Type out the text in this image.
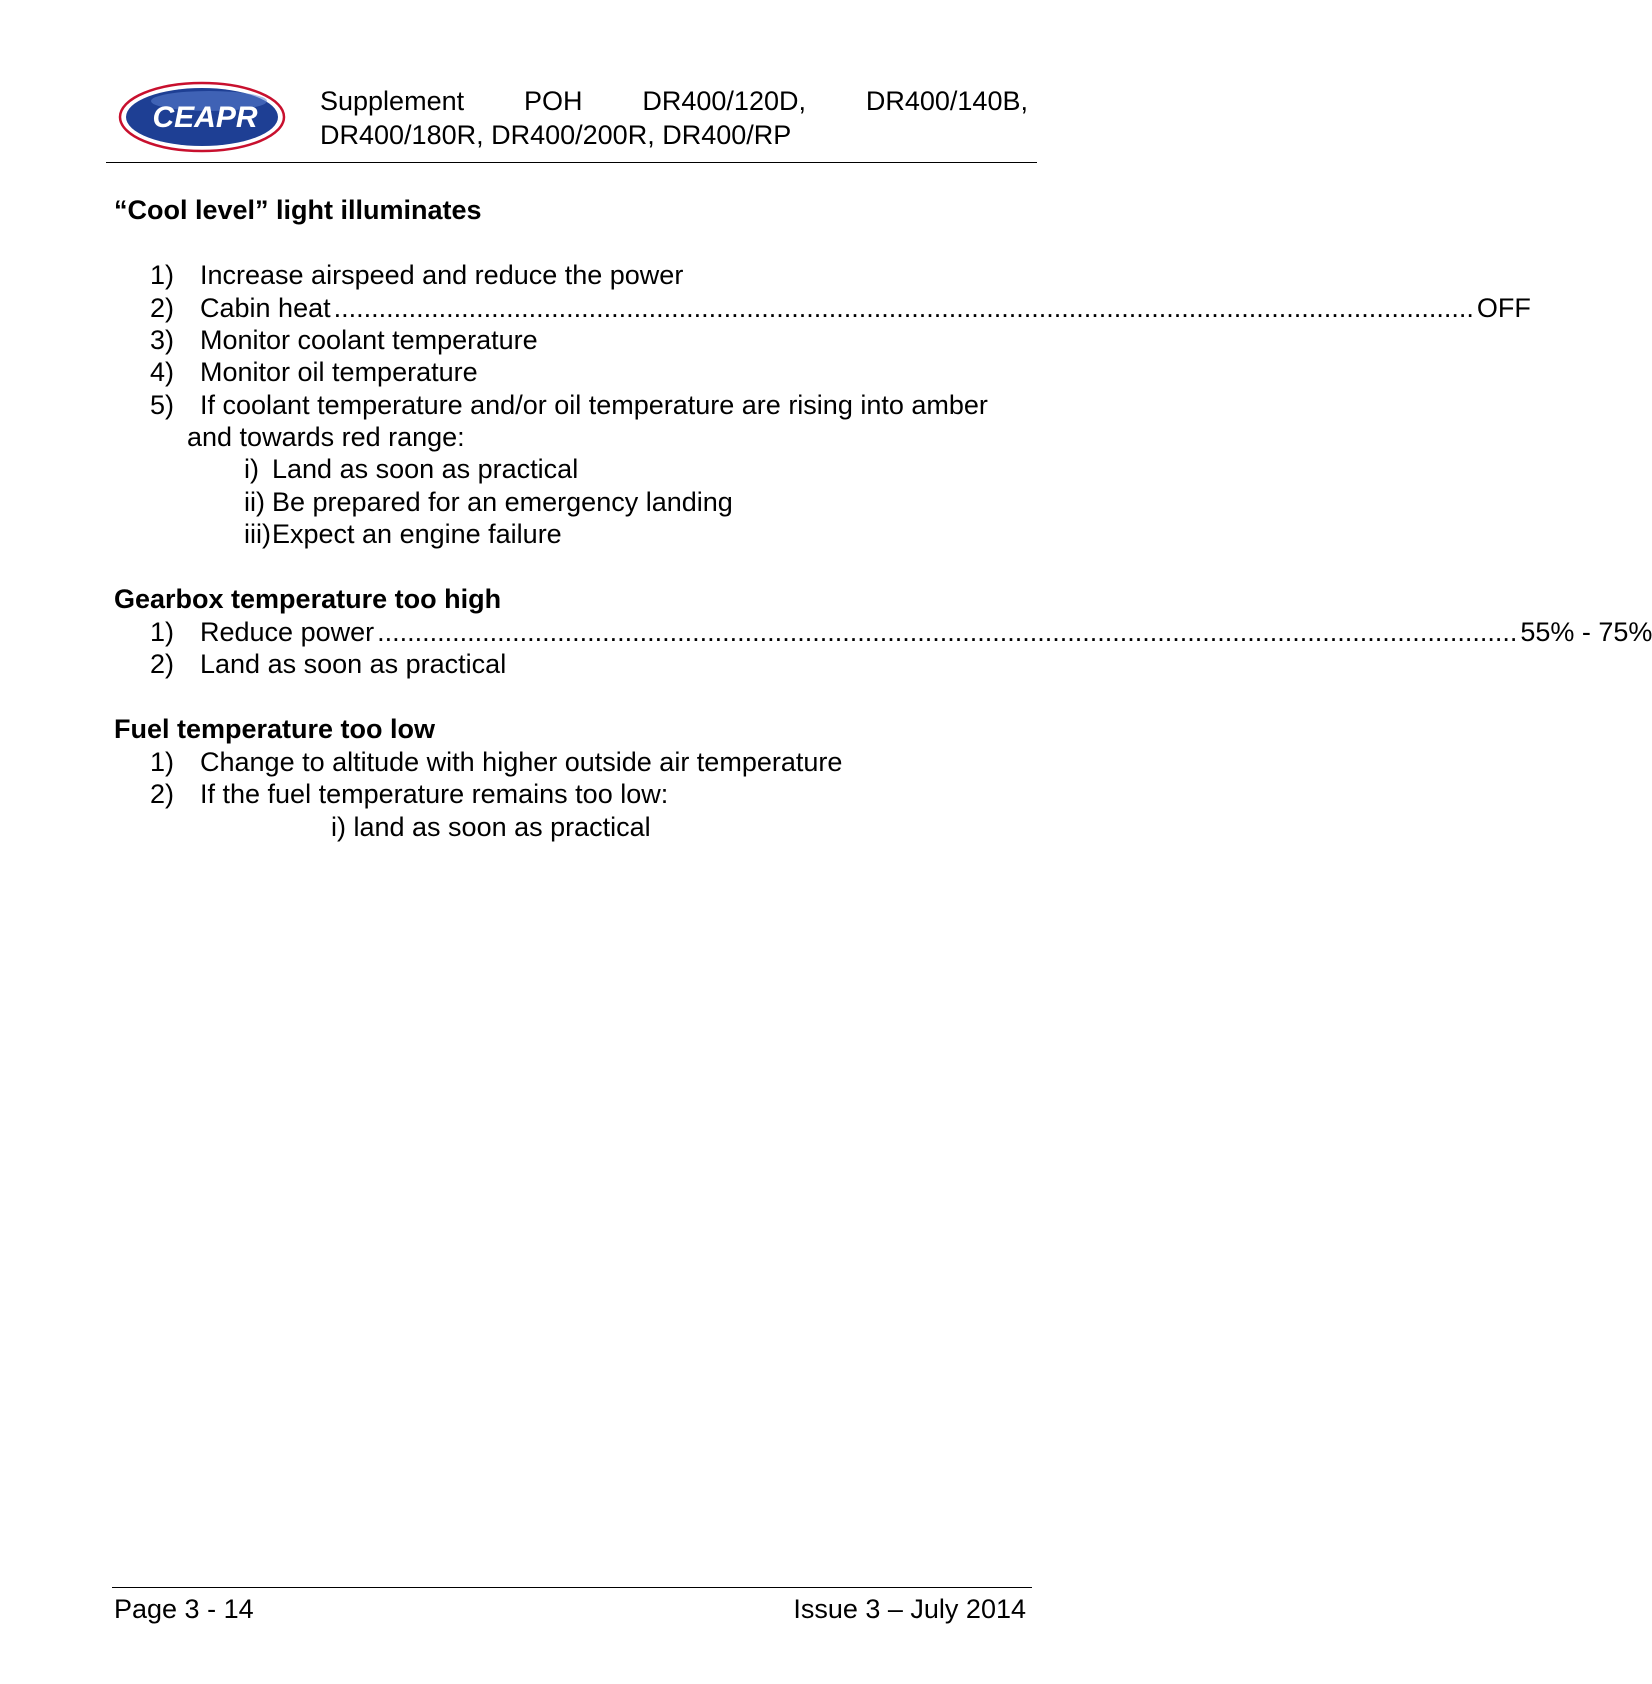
CEAPR Supplement POH DR400/120D, DR400/140B,
DR400/180R, DR400/200R, DR400/RP
“Cool level” light illuminates
1) Increase airspeed and reduce the power
2) Cabin heat ........................................................................................................................................................ OFF
3) Monitor coolant temperature
4) Monitor oil temperature
5) If coolant temperature and/or oil temperature are rising into amber
and towards red range:
i) Land as soon as practical
ii) Be prepared for an emergency landing
iii)Expect an engine failure
Gearbox temperature too high
1) Reduce power ........................................................................................................................................................ 55% - 75%
2) Land as soon as practical
Fuel temperature too low
1) Change to altitude with higher outside air temperature
2) If the fuel temperature remains too low:
i) land as soon as practical
Page 3 - 14	Issue 3 – July 2014
